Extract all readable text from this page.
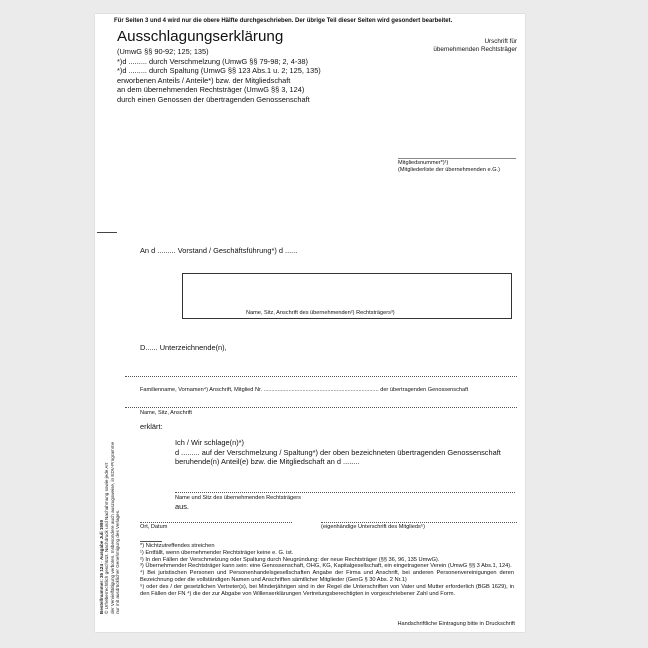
Für Seiten 3 und 4 wird nur die obere Hälfte durchgeschrieben. Der übrige Teil dieser Seiten wird gesondert bearbeitet.
Ausschlagungserklärung
(UmwG §§ 90-92; 125; 135)
*)d ......... durch Verschmelzung (UmwG §§ 79-98; 2, 4-38)
*)d ......... durch Spaltung (UmwG §§ 123 Abs.1 u. 2; 125, 135)
erworbenen Anteils / Anteile*) bzw. der Mitgliedschaft
an dem übernehmenden Rechtsträger (UmwG §§ 3, 124)
durch einen Genossen der übertragenden Genossenschaft
Urschrift für
übernehmenden Rechtsträger
Mitgliedsnummer*)¹)
(Mitgliederliste der übernehmenden e.G.)
An d ......... Vorstand / Geschäftsführung*) d ......
Name, Sitz, Anschrift des übernehmenden²) Rechtsträgers³)
D...... Unterzeichnende(n),
Familienname, Vornamen⁴) Anschrift, Mitglied Nr. .......................................................................... der übertragenden Genossenschaft
Name, Sitz, Anschrift
erklärt:
Ich / Wir schlage(n)*)
d ......... auf der Verschmelzung / Spaltung*) der oben bezeichneten übertragenden Genossenschaft
beruhende(n) Anteil(e) bzw. die Mitgliedschaft an d ........
Name und Sitz des übernehmenden Rechtsträgers
aus.
Ort, Datum	(eigenhändige Unterschrift des Mitglieds⁵)
*) Nichtzutreffendes streichen
¹) Entfällt, wenn übernehmender Rechtsträger keine e. G. ist.
²) In den Fällen der Verschmelzung oder Spaltung durch Neugründung: der neue Rechtsträger (§§ 36, 96, 135 UmwG).
³) Übernehmender Rechtsträger kann sein: eine Genossenschaft, OHG, KG, Kapitalgesellschaft, ein eingetragener Verein (UmwG §§ 3 Abs.1, 124).
⁴) Bei juristischen Personen und Personenhandelsgesellschaften Angabe der Firma und Anschrift, bei anderen Personenvereinigungen deren Bezeichnung oder die vollständigen Namen und Anschriften sämtlicher Mitglieder (GenG § 30 Abs. 2 Nr.1)
⁵) oder des / der gesetzlichen Vertreter(s), bei Minderjährigen sind in der Regel die Unterschriften von Vater und Mutter erforderlich (BGB 1629), in den Fällen der FN ⁴) die der zur Abgabe von Willenserklärungen Vertretungsberechtigten in vorgeschriebener Zahl und Form.
Handschriftliche Eintragung bitte in Druckschrift
Bestellnummer: 35 124 · Ausgabe Juli 1999 © Urheberrechtlich geschützt. Nachdruck und Nachahmung sowie jede Art der Vervielfältigung verboten. Insbesondere auch auszugsweise, in EDV-Programme nur mit ausdrücklicher Genehmigung des Verlages.
